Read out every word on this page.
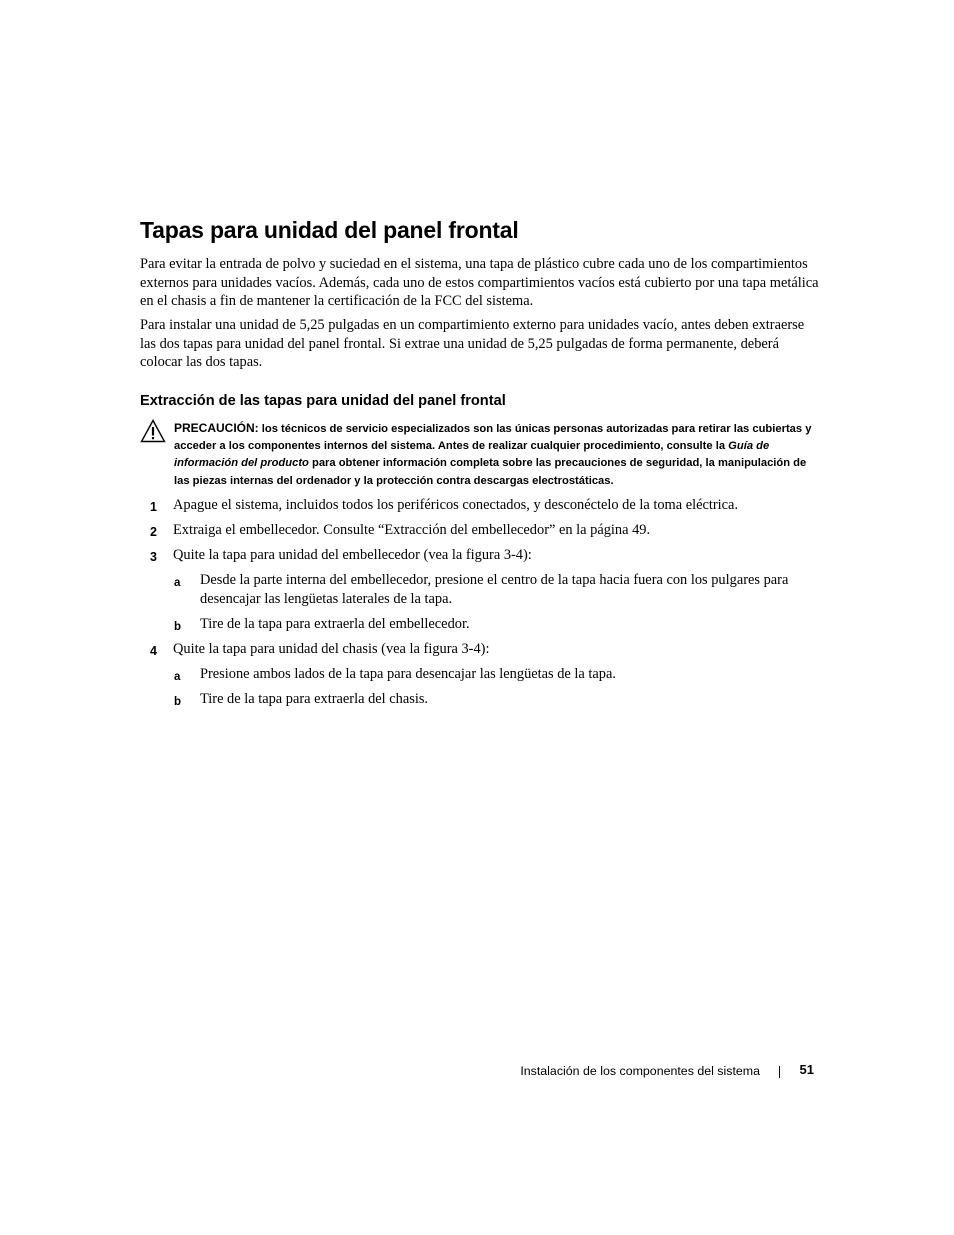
Tapas para unidad del panel frontal

Para evitar la entrada de polvo y suciedad en el sistema, una tapa de plástico cubre cada uno de los compartimientos externos para unidades vacíos. Además, cada uno de estos compartimientos vacíos está cubierto por una tapa metálica en el chasis a fin de mantener la certificación de la FCC del sistema.

Para instalar una unidad de 5,25 pulgadas en un compartimiento externo para unidades vacío, antes deben extraerse las dos tapas para unidad del panel frontal. Si extrae una unidad de 5,25 pulgadas de forma permanente, deberá colocar las dos tapas.

Extracción de las tapas para unidad del panel frontal

PRECAUCIÓN: los técnicos de servicio especializados son las únicas personas autorizadas para retirar las cubiertas y acceder a los componentes internos del sistema. Antes de realizar cualquier procedimiento, consulte la Guía de información del producto para obtener información completa sobre las precauciones de seguridad, la manipulación de las piezas internas del ordenador y la protección contra descargas electrostáticas.

1 Apague el sistema, incluidos todos los periféricos conectados, y desconéctelo de la toma eléctrica.

2 Extraiga el embellecedor. Consulte “Extracción del embellecedor” en la página 49.

3 Quite la tapa para unidad del embellecedor (vea la figura 3-4):

a Desde la parte interna del embellecedor, presione el centro de la tapa hacia fuera con los pulgares para desencajar las lengüetas laterales de la tapa.

b Tire de la tapa para extraerla del embellecedor.

4 Quite la tapa para unidad del chasis (vea la figura 3-4):

a Presione ambos lados de la tapa para desencajar las lengüetas de la tapa.

b Tire de la tapa para extraerla del chasis.

Instalación de los componentes del sistema	51
